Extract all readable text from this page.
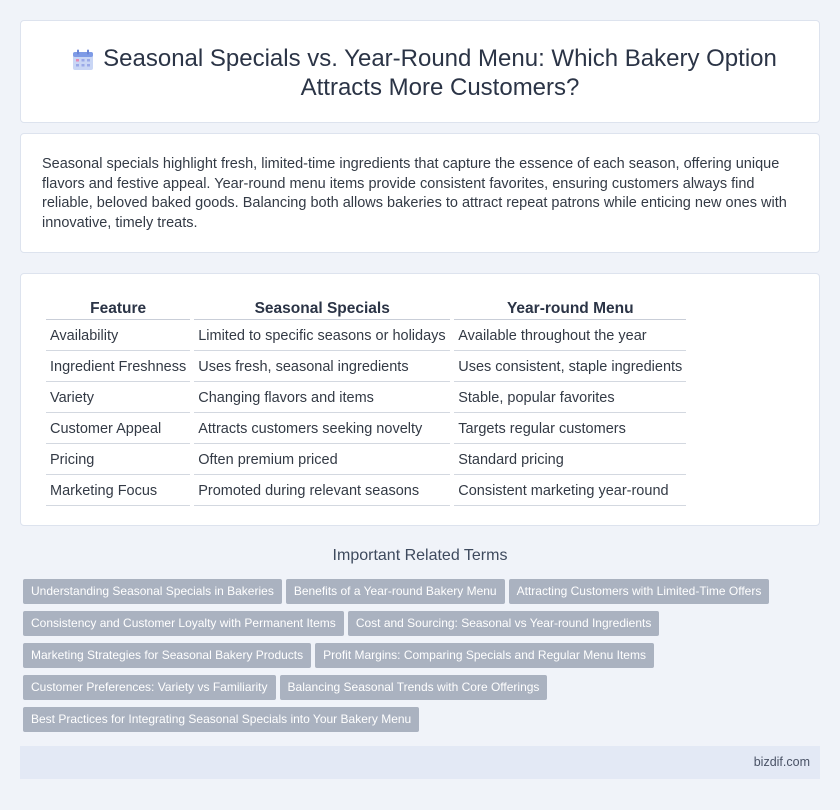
Seasonal Specials vs. Year-Round Menu: Which Bakery Option Attracts More Customers?

Seasonal specials highlight fresh, limited-time ingredients that capture the essence of each season, offering unique flavors and festive appeal. Year-round menu items provide consistent favorites, ensuring customers always find reliable, beloved baked goods. Balancing both allows bakeries to attract repeat patrons while enticing new ones with innovative, timely treats.

Feature	Seasonal Specials	Year-round Menu
Availability	Limited to specific seasons or holidays	Available throughout the year
Ingredient Freshness	Uses fresh, seasonal ingredients	Uses consistent, staple ingredients
Variety	Changing flavors and items	Stable, popular favorites
Customer Appeal	Attracts customers seeking novelty	Targets regular customers
Pricing	Often premium priced	Standard pricing
Marketing Focus	Promoted during relevant seasons	Consistent marketing year-round
Important Related Terms
Understanding Seasonal Specials in Bakeries Benefits of a Year-round Bakery Menu Attracting Customers with Limited-Time Offers
Consistency and Customer Loyalty with Permanent Items Cost and Sourcing: Seasonal vs Year-round Ingredients
Marketing Strategies for Seasonal Bakery Products Profit Margins: Comparing Specials and Regular Menu Items
Customer Preferences: Variety vs Familiarity Balancing Seasonal Trends with Core Offerings
Best Practices for Integrating Seasonal Specials into Your Bakery Menu
bizdif.com
